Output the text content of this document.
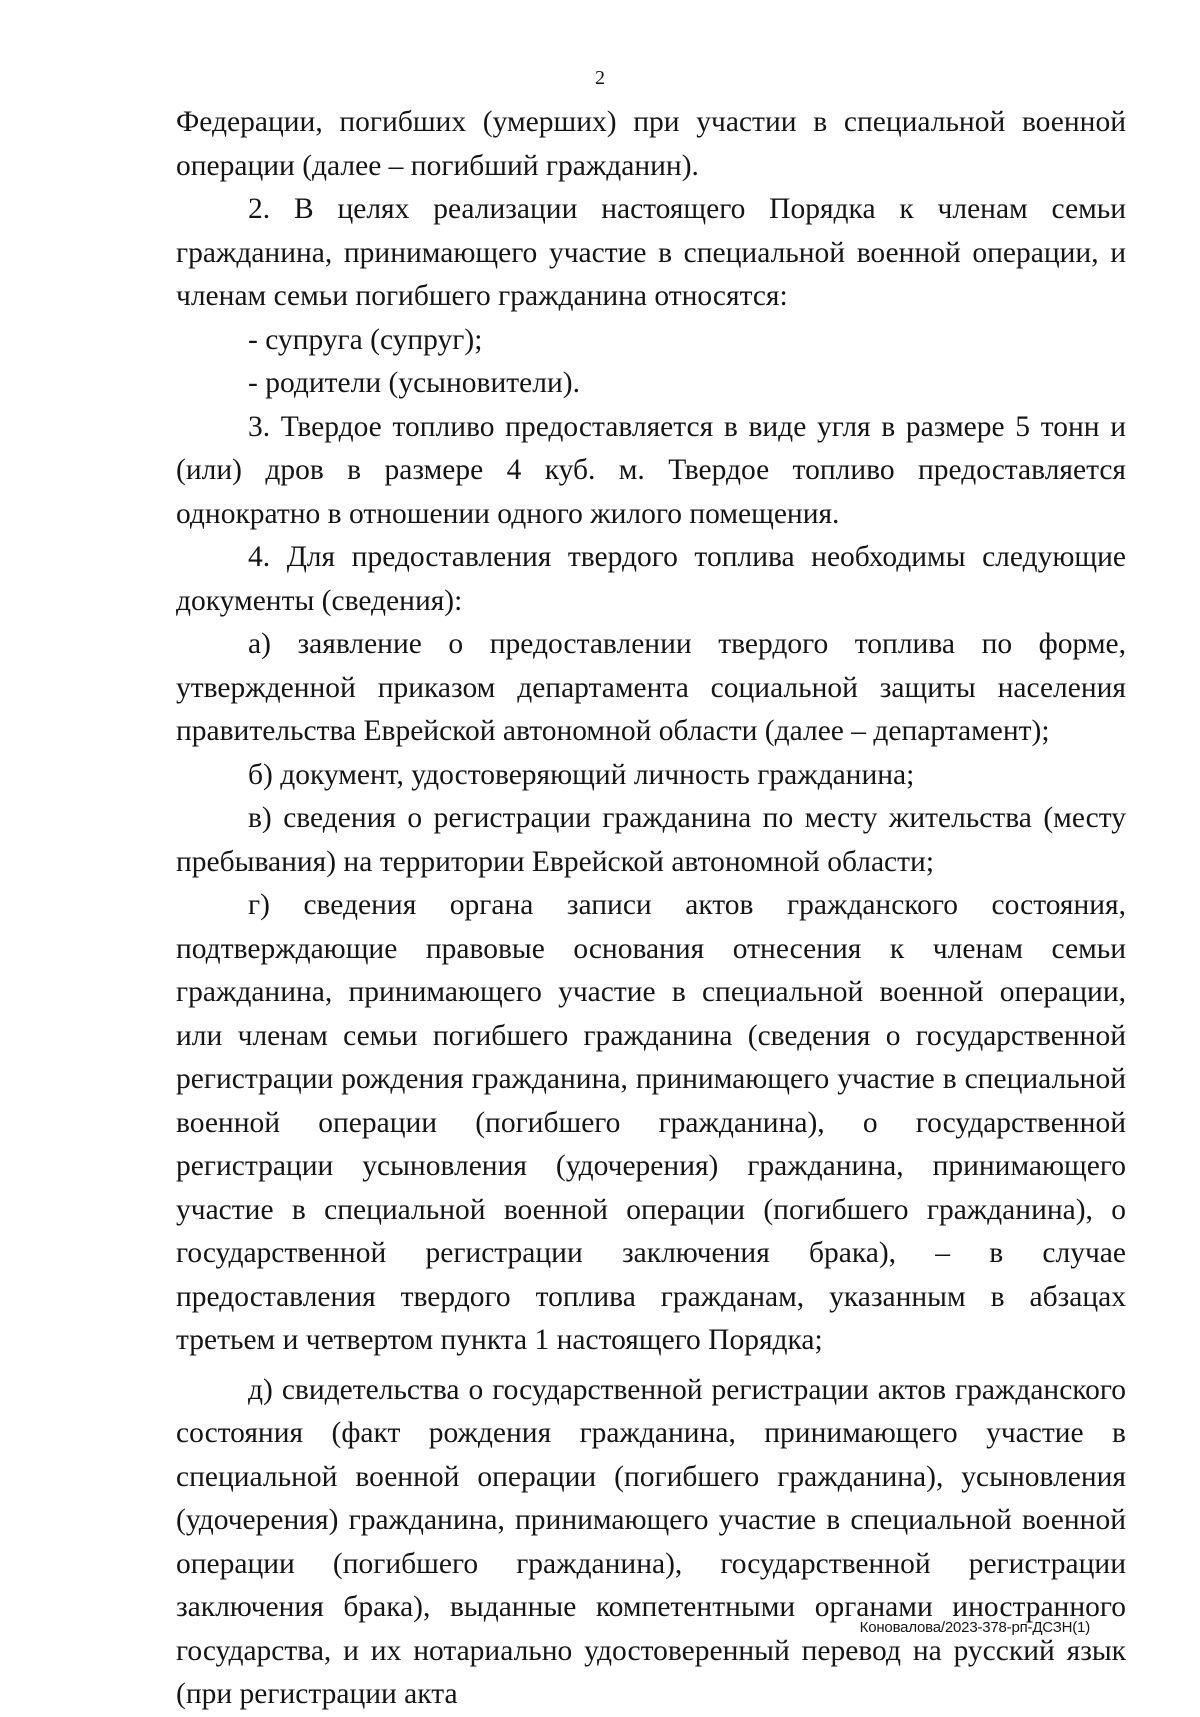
2

Федерации, погибших (умерших) при участии в специальной военной операции (далее – погибший гражданин).

2. В целях реализации настоящего Порядка к членам семьи гражданина, принимающего участие в специальной военной операции, и членам семьи погибшего гражданина относятся:

- супруга (супруг);

- родители (усыновители).

3. Твердое топливо предоставляется в виде угля в размере 5 тонн и (или) дров в размере 4 куб. м. Твердое топливо предоставляется однократно в отношении одного жилого помещения.

4. Для предоставления твердого топлива необходимы следующие документы (сведения):

а) заявление о предоставлении твердого топлива по форме, утвержденной приказом департамента социальной защиты населения правительства Еврейской автономной области (далее – департамент);

б) документ, удостоверяющий личность гражданина;

в) сведения о регистрации гражданина по месту жительства (месту пребывания) на территории Еврейской автономной области;

г) сведения органа записи актов гражданского состояния, подтверждающие правовые основания отнесения к членам семьи гражданина, принимающего участие в специальной военной операции, или членам семьи погибшего гражданина (сведения о государственной регистрации рождения гражданина, принимающего участие в специальной военной операции (погибшего гражданина), о государственной регистрации усыновления (удочерения) гражданина, принимающего участие в специальной военной операции (погибшего гражданина), о государственной регистрации заключения брака), – в случае предоставления твердого топлива гражданам, указанным в абзацах третьем и четвертом пункта 1 настоящего Порядка;

д) свидетельства о государственной регистрации актов гражданского состояния (факт рождения гражданина, принимающего участие в специальной военной операции (погибшего гражданина), усыновления (удочерения) гражданина, принимающего участие в специальной военной операции (погибшего гражданина), государственной регистрации заключения брака), выданные компетентными органами иностранного государства, и их нотариально удостоверенный перевод на русский язык (при регистрации акта

Коновалова/2023-378-рп-ДСЗН(1)
